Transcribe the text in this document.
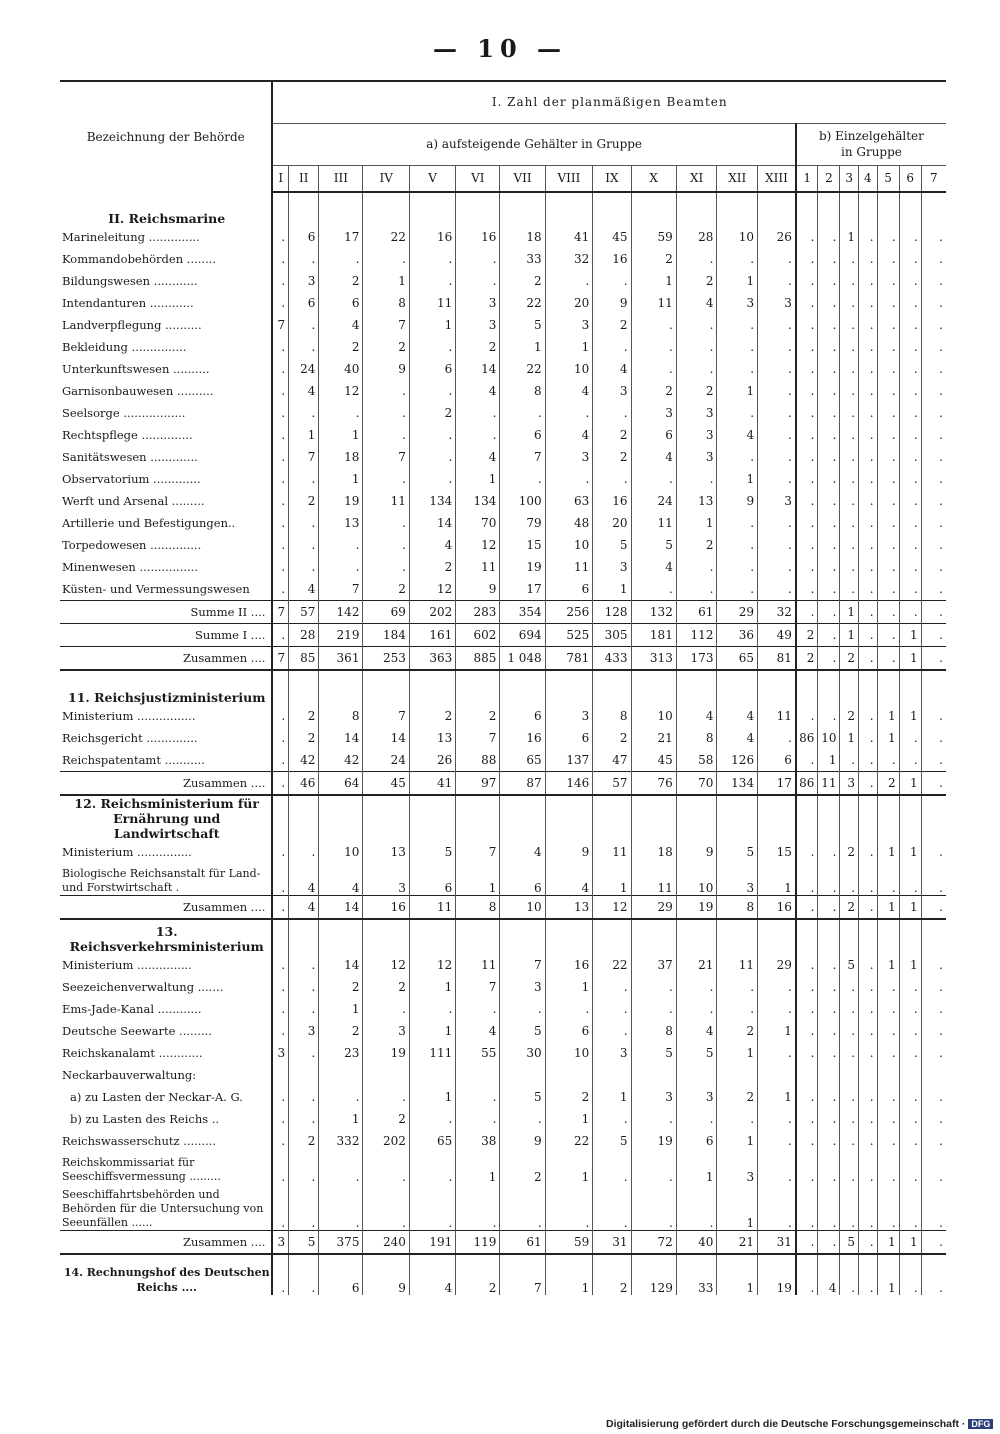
— 10 —
Bezeichnung der Behörde	I. Zahl der planmäßigen Beamten																			
	a) aufsteigende Gehälter in Gruppe													b) Einzelgehälter in Gruppe						
	I	II	III	IV	V	VI	VII	VIII	IX	X	XI	XII	XIII	1	2	3	4	5	6	7
II. Reichsmarine																				
Marineleitung ..............	.	6	17	22	16	16	18	41	45	59	28	10	26	.	.	1	.	.	.	.
Kommandobehörden ........	.	.	.	.	.	.	33	32	16	2	.	.	.	.	.	.	.	.	.	.
Bildungswesen ............	.	3	2	1	.	.	2	.	.	1	2	1	.	.	.	.	.	.	.	.
Intendanturen ............	.	6	6	8	11	3	22	20	9	11	4	3	3	.	.	.	.	.	.	.
Landverpflegung ..........	7	.	4	7	1	3	5	3	2	.	.	.	.	.	.	.	.	.	.	.
Bekleidung ...............	.	.	2	2	.	2	1	1	.	.	.	.	.	.	.	.	.	.	.	.
Unterkunftswesen ..........	.	24	40	9	6	14	22	10	4	.	.	.	.	.	.	.	.	.	.	.
Garnisonbauwesen ..........	.	4	12	.	.	4	8	4	3	2	2	1	.	.	.	.	.	.	.	.
Seelsorge .................	.	.	.	.	2	.	.	.	.	3	3	.	.	.	.	.	.	.	.	.
Rechtspflege ..............	.	1	1	.	.	.	6	4	2	6	3	4	.	.	.	.	.	.	.	.
Sanitätswesen .............	.	7	18	7	.	4	7	3	2	4	3	.	.	.	.	.	.	.	.	.
Observatorium .............	.	.	1	.	.	1	.	.	.	.	.	1	.	.	.	.	.	.	.	.
Werft und Arsenal .........	.	2	19	11	134	134	100	63	16	24	13	9	3	.	.	.	.	.	.	.
Artillerie und Befestigungen..	.	.	13	.	14	70	79	48	20	11	1	.	.	.	.	.	.	.	.	.
Torpedowesen ..............	.	.	.	.	4	12	15	10	5	5	2	.	.	.	.	.	.	.	.	.
Minenwesen ................	.	.	.	.	2	11	19	11	3	4	.	.	.	.	.	.	.	.	.	.
Küsten- und Vermessungswesen	.	4	7	2	12	9	17	6	1	.	.	.	.	.	.	.	.	.	.	.
Summe II ....	7	57	142	69	202	283	354	256	128	132	61	29	32	.	.	1	.	.	.	.
Summe I ....	.	28	219	184	161	602	694	525	305	181	112	36	49	2	.	1	.	.	1	.
Zusammen ....	7	85	361	253	363	885	1 048	781	433	313	173	65	81	2	.	2	.	.	1	.
11. Reichsjustizministerium																				
Ministerium ................	.	2	8	7	2	2	6	3	8	10	4	4	11	.	.	2	.	1	1	.
Reichsgericht ..............	.	2	14	14	13	7	16	6	2	21	8	4	.	86	10	1	.	1	.	.
Reichspatentamt ...........	.	42	42	24	26	88	65	137	47	45	58	126	6	.	1	.	.	.	.	.
Zusammen ....	.	46	64	45	41	97	87	146	57	76	70	134	17	86	11	3	.	2	1	.
12. Reichsministerium für Ernährung und Landwirtschaft																				
Ministerium ...............	.	.	10	13	5	7	4	9	11	18	9	5	15	.	.	2	.	1	1	.
Biologische Reichsanstalt für Land- und Forstwirtschaft .	.	4	4	3	6	1	6	4	1	11	10	3	1	.	.	.	.	.	.	.
Zusammen ....	.	4	14	16	11	8	10	13	12	29	19	8	16	.	.	2	.	1	1	.
13. Reichsverkehrsministerium																				
Ministerium ...............	.	.	14	12	12	11	7	16	22	37	21	11	29	.	.	5	.	1	1	.
Seezeichenverwaltung .......	.	.	2	2	1	7	3	1	.	.	.	.	.	.	.	.	.	.	.	.
Ems-Jade-Kanal ............	.	.	1	.	.	.	.	.	.	.	.	.	.	.	.	.	.	.	.	.
Deutsche Seewarte .........	.	3	2	3	1	4	5	6	.	8	4	2	1	.	.	.	.	.	.	.
Reichskanalamt ............	3	.	23	19	111	55	30	10	3	5	5	1	.	.	.	.	.	.	.	.
Neckarbauverwaltung:																				
a) zu Lasten der Neckar-A. G.	.	.	.	.	1	.	5	2	1	3	3	2	1	.	.	.	.	.	.	.
b) zu Lasten des Reichs ..	.	.	1	2	.	.	.	1	.	.	.	.	.	.	.	.	.	.	.	.
Reichswasserschutz .........	.	2	332	202	65	38	9	22	5	19	6	1	.	.	.	.	.	.	.	.
Reichskommissariat für Seeschiffsvermessung .........	.	.	.	.	.	1	2	1	.	.	1	3	.	.	.	.	.	.	.	.
Seeschiffahrtsbehörden und Behörden für die Untersuchung von Seeunfällen ......	.	.	.	.	.	.	.	.	.	.	.	1	.	.	.	.	.	.	.	.
Zusammen ....	3	5	375	240	191	119	61	59	31	72	40	21	31	.	.	5	.	1	1	.
14. Rechnungshof des Deutschen Reichs ....	.	.	6	9	4	2	7	1	2	129	33	1	19	.	4	.	.	1	.	.
Digitalisierung gefördert durch die Deutsche Forschungsgemeinschaft · DFG
